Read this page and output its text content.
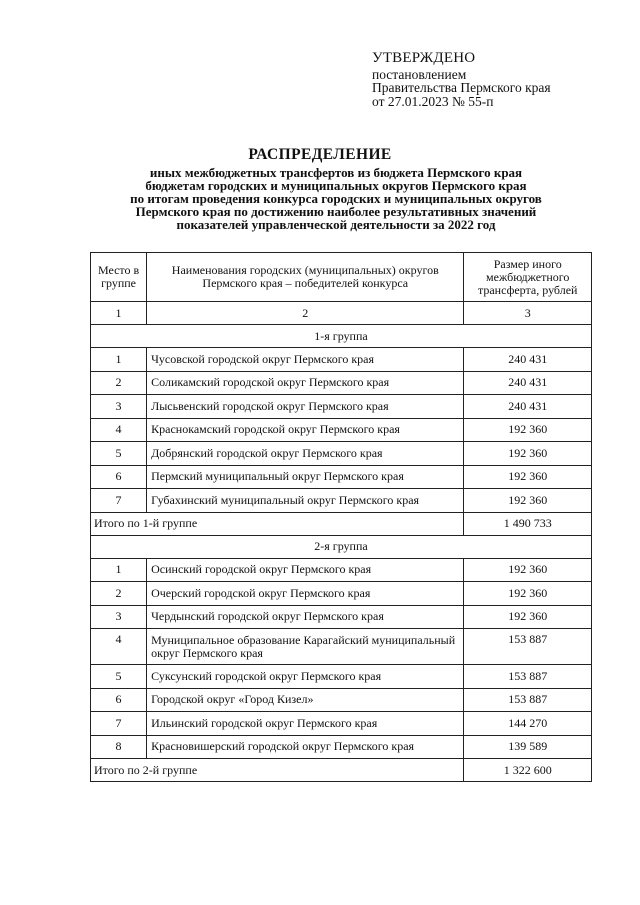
УТВЕРЖДЕНО
постановлением
Правительства Пермского края
от 27.01.2023 № 55-п
РАСПРЕДЕЛЕНИЕ
иных межбюджетных трансфертов из бюджета Пермского края
бюджетам городских и муниципальных округов Пермского края
по итогам проведения конкурса городских и муниципальных округов
Пермского края по достижению наиболее результативных значений
показателей управленческой деятельности за 2022 год
Место в группе	Наименования городских (муниципальных) округов Пермского края – победителей конкурса	Размер иного межбюджетного трансферта, рублей
1	2	3
1-я группа		
1	Чусовской городской округ Пермского края	240 431
2	Соликамский городской округ Пермского края	240 431
3	Лысьвенский городской округ Пермского края	240 431
4	Краснокамский городской округ Пермского края	192 360
5	Добрянский городской округ Пермского края	192 360
6	Пермский муниципальный округ Пермского края	192 360
7	Губахинский муниципальный округ Пермского края	192 360
Итого по 1-й группе		1 490 733
2-я группа		
1	Осинский городской округ Пермского края	192 360
2	Очерский городской округ Пермского края	192 360
3	Чердынский городской округ Пермского края	192 360
4	Муниципальное образование Карагайский муниципальный округ Пермского края	153 887
5	Суксунский городской округ Пермского края	153 887
6	Городской округ «Город Кизел»	153 887
7	Ильинский городской округ Пермского края	144 270
8	Красновишерский городской округ Пермского края	139 589
Итого по 2-й группе		1 322 600
